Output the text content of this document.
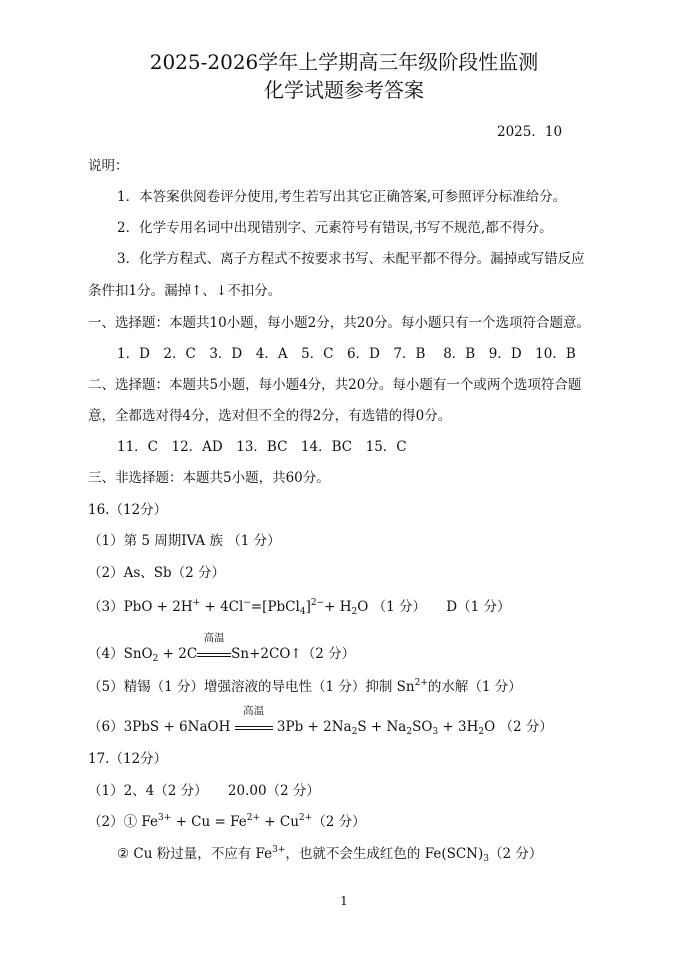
2025-2026学年上学期高三年级阶段性监测
化学试题参考答案
2025．10
说明：
1．本答案供阅卷评分使用,考生若写出其它正确答案,可参照评分标准给分。
2．化学专用名词中出现错别字、元素符号有错误,书写不规范,都不得分。
3．化学方程式、离子方程式不按要求书写、未配平都不得分。漏掉或写错反应
条件扣1分。漏掉↑、↓不扣分。
一、选择题：本题共10小题，每小题2分，共20分。每小题只有一个选项符合题意。
1．D　2．C　3．D　4．A　5．C　6．D　7．B　 8．B　9．D　10．B
二、选择题：本题共5小题，每小题4分，共20分。每小题有一个或两个选项符合题
意，全都选对得4分，选对但不全的得2分，有选错的得0分。
11．C　12．AD　13．BC　14．BC　15．C
三、非选择题：本题共5小题，共60分。
16.（12分）
（1）第 5 周期IVA 族 （1 分）
（2）As、Sb（2 分）
（3）PbO + 2H+ + 4Cl−=[PbCl$_4$]$^{2-}$+ $H_2O$ （1 分）　　D（1 分）
（4）SnO$_2$ + 2C
高温
Sn+2CO↑（2 分）
（5）精锡（1 分）增强溶液的导电性（1 分）抑制 $Sn^{2+}$的水解（1 分）
（6）3PbS + 6NaOH
高温
$3Pb + 2Na_2S + Na_2SO_3 + 3H_2O$ （2 分）
17.（12分）
（1）2、4（2 分）　　20.00（2 分）
（2）① $Fe^{3+} + Cu = Fe^{2+} + Cu^{2+}(2$ 分）
② Cu 粉过量，不应有 $Fe^{3+}$，也就不会生成红色的 $Fe(SCN)_3(2$ 分）
1
